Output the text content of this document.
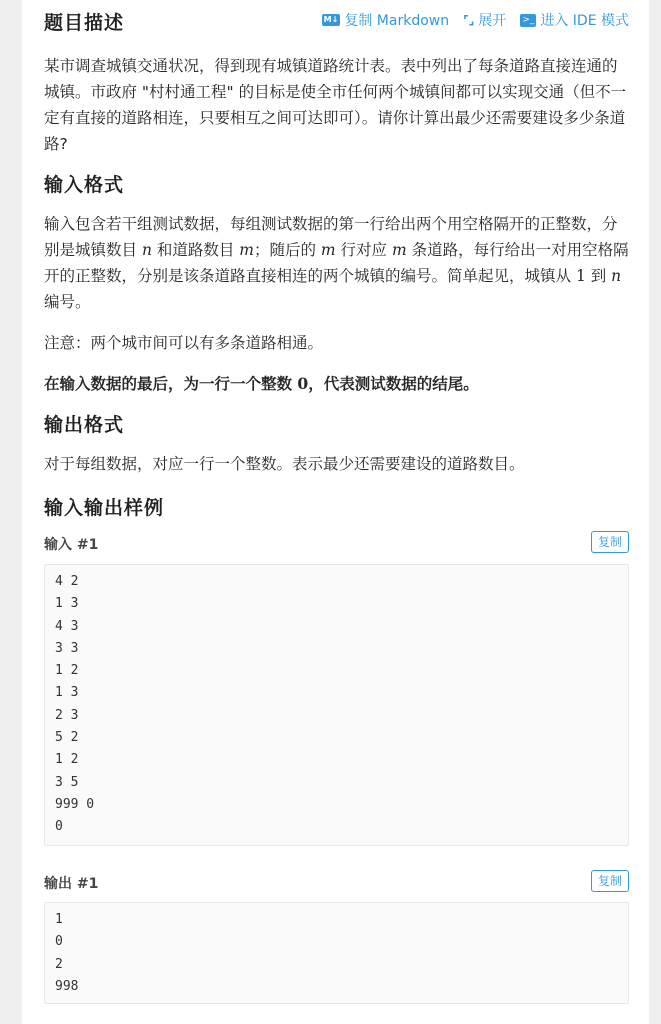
题目描述	M↓ 复制 Markdown ⌜⌟ 展开 >_ 进入 IDE 模式

某市调查城镇交通状况，得到现有城镇道路统计表。表中列出了每条道路直接连通的城镇。市政府 "村村通工程" 的目标是使全市任何两个城镇间都可以实现交通（但不一定有直接的道路相连，只要相互之间可达即可）。请你计算出最少还需要建设多少条道路?

输入格式

输入包含若干组测试数据，每组测试数据的第一行给出两个用空格隔开的正整数，分别是城镇数目 n 和道路数目 m；随后的 m 行对应 m 条道路，每行给出一对用空格隔开的正整数，分别是该条道路直接相连的两个城镇的编号。简单起见，城镇从 1 到 n 编号。

注意：两个城市间可以有多条道路相通。

在输入数据的最后，为一行一个整数 0，代表测试数据的结尾。

输出格式

对于每组数据，对应一行一个整数。表示最少还需要建设的道路数目。

输入输出样例
输入 #1	复制
4 2
1 3
4 3
3 3
1 2
1 3
2 3
5 2
1 2
3 5
999 0
0
输出 #1	复制
1
0
2
998
